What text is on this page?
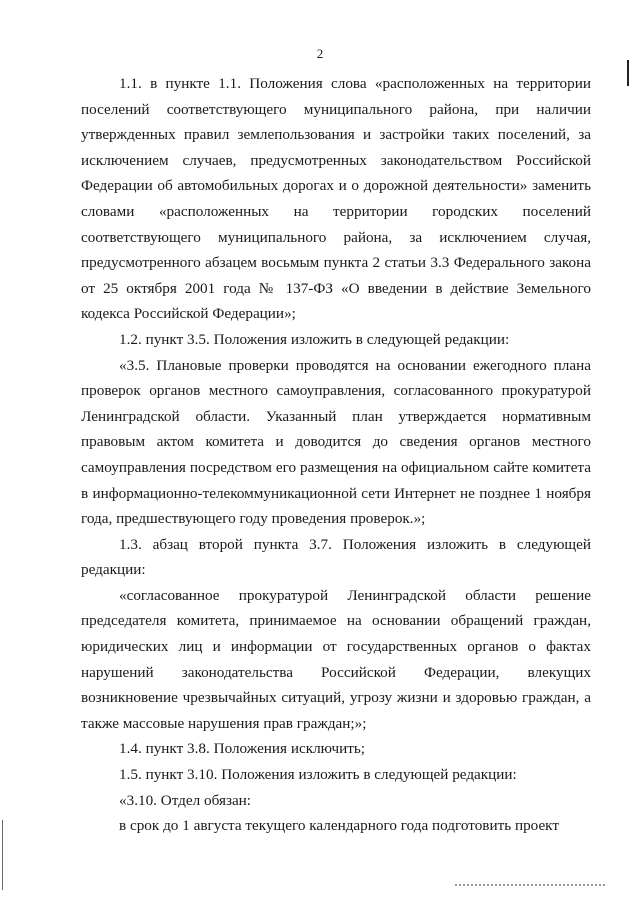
2

1.1. в пункте 1.1. Положения слова «расположенных на территории поселений соответствующего муниципального района, при наличии утвержденных правил землепользования и застройки таких поселений, за исключением случаев, предусмотренных законодательством Российской Федерации об автомобильных дорогах и о дорожной деятельности» заменить словами «расположенных на территории городских поселений соответствующего муниципального района, за исключением случая, предусмотренного абзацем восьмым пункта 2 статьи 3.3 Федерального закона от 25 октября 2001 года № 137-ФЗ «О введении в действие Земельного кодекса Российской Федерации»;

1.2. пункт 3.5. Положения изложить в следующей редакции:

«3.5. Плановые проверки проводятся на основании ежегодного плана проверок органов местного самоуправления, согласованного прокуратурой Ленинградской области. Указанный план утверждается нормативным правовым актом комитета и доводится до сведения органов местного самоуправления посредством его размещения на официальном сайте комитета в информационно-телекоммуникационной сети Интернет не позднее 1 ноября года, предшествующего году проведения проверок.»;

1.3. абзац второй пункта 3.7. Положения изложить в следующей редакции:

«согласованное прокуратурой Ленинградской области решение председателя комитета, принимаемое на основании обращений граждан, юридических лиц и информации от государственных органов о фактах нарушений законодательства Российской Федерации, влекущих возникновение чрезвычайных ситуаций, угрозу жизни и здоровью граждан, а также массовые нарушения прав граждан;»;

1.4. пункт 3.8. Положения исключить;

1.5. пункт 3.10. Положения изложить в следующей редакции:

«3.10. Отдел обязан:

в срок до 1 августа текущего календарного года подготовить проект
